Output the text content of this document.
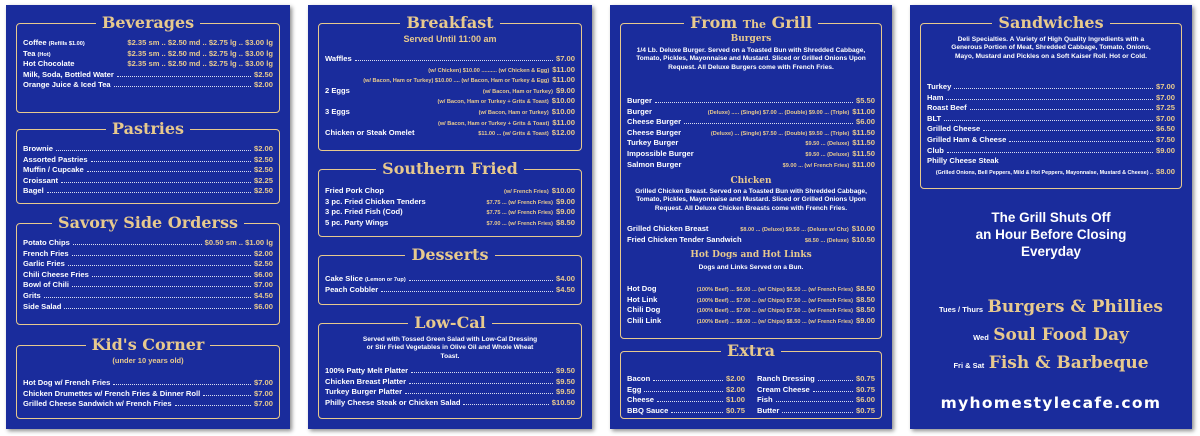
Beverages
Coffee (Refills $1.00)	$2.35 sm .. $2.50 md .. $2.75 lg .. $3.00 lg
Tea (Hot)	$2.35 sm .. $2.50 md .. $2.75 lg .. $3.00 lg
Hot Chocolate	$2.35 sm .. $2.50 md .. $2.75 lg .. $3.00 lg
Milk, Soda, Bottled Water	$2.50
Orange Juice & Iced Tea	$2.00
Pastries
Brownie	$2.00
Assorted Pastries	$2.50
Muffin / Cupcake	$2.50
Croissant	$2.25
Bagel	$2.50
Savory Side Orderss
Potato Chips	$0.50 sm .. $1.00 lg
French Fries	$2.00
Garlic Fries	$2.50
Chili Cheese Fries	$6.00
Bowl of Chili	$7.00
Grits	$4.50
Side Salad	$6.00
Kid's Corner
(under 10 years old)
Hot Dog w/ French Fries	$7.00
Chicken Drumettes w/ French Fries & Dinner Roll	$7.00
Grilled Cheese Sandwich w/ French Fries	$7.00
Breakfast
Served Until 11:00 am
Waffles	$7.00
(w/ Chicken) $10.00 .......... (w/ Chicken & Egg) $11.00
(w/ Bacon, Ham or Turkey) $10.00 .... (w/ Bacon, Ham or Turkey & Egg) $11.00
2 Eggs	(w/ Bacon, Ham or Turkey) $9.00
(w/ Bacon, Ham or Turkey + Grits & Toast) $10.00
3 Eggs	(w/ Bacon, Ham or Turkey) $10.00
(w/ Bacon, Ham or Turkey + Grits & Toast) $11.00
Chicken or Steak Omelet	$11.00 ... (w/ Grits & Toast) $12.00
Southern Fried
Fried Pork Chop	(w/ French Fries) $10.00
3 pc. Fried Chicken Tenders	$7.75 ... (w/ French Fries) $9.00
3 pc. Fried Fish (Cod)	$7.75 ... (w/ French Fries) $9.00
5 pc. Party Wings	$7.00 ... (w/ French Fries) $8.50
Desserts
Cake Slice (Lemon or 7up)	$4.00
Peach Cobbler	$4.50
Low-Cal
Served with Tossed Green Salad with Low-Cal Dressing or Stir Fried Vegetables in Olive Oil and Whole Wheat Toast.
100% Patty Melt Platter	$9.50
Chicken Breast Platter	$9.50
Turkey Burger Platter	$9.50
Philly Cheese Steak or Chicken Salad	$10.50
From The Grill
Burgers
1/4 Lb. Deluxe Burger. Served on a Toasted Bun with Shredded Cabbage, Tomato, Pickles, Mayonnaise and Mustard. Sliced or Grilled Onions Upon Request. All Deluxe Burgers come with French Fries.
Burger	$5.50
Burger	(Deluxe) ..... (Single) $7.00 ... (Double) $9.00 ... (Triple) $11.00
Cheese Burger	$6.00
Cheese Burger	(Deluxe) ... (Single) $7.50 ... (Double) $9.50 ... (Triple) $11.50
Turkey Burger	$9.50 ... (Deluxe) $11.50
Impossible Burger	$9.50 ... (Deluxe) $11.50
Salmon Burger	$9.00 ... (w/ French Fries) $11.00
Chicken
Grilled Chicken Breast. Served on a Toasted Bun with Shredded Cabbage, Tomato, Pickles, Mayonnaise and Mustard. Sliced or Grilled Onions Upon Request. All Deluxe Chicken Breasts come with French Fries.
Grilled Chicken Breast	$8.00 ... (Deluxe) $9.50 ... (Deluxe w/ Chz) $10.00
Fried Chicken Tender Sandwich	$8.50 ... (Deluxe) $10.50
Hot Dogs and Hot Links
Dogs and Links Served on a Bun.
Hot Dog	(100% Beef) ... $6.00 ... (w/ Chips) $6.50 ... (w/ French Fries) $8.50
Hot Link	(100% Beef) ... $7.00 ... (w/ Chips) $7.50 ... (w/ French Fries) $8.50
Chili Dog	(100% Beef) ... $7.00 ... (w/ Chips) $7.50 ... (w/ French Fries) $8.50
Chili Link	(100% Beef) ... $8.00 ... (w/ Chips) $8.50 ... (w/ French Fries) $9.00
Extra
Bacon	$2.00
Egg	$2.00
Cheese	$1.00
BBQ Sauce	$0.75
Ranch Dressing	$0.75
Cream Cheese	$0.75
Fish	$6.00
Butter	$0.75
Sandwiches
Deli Specialties. A Variety of High Quality Ingredients with a Generous Portion of Meat, Shredded Cabbage, Tomato, Onions, Mayo, Mustard and Pickles on a Soft Kaiser Roll. Hot or Cold.
Turkey	$7.00
Ham	$7.00
Roast Beef	$7.25
BLT	$7.00
Grilled Cheese	$6.50
Grilled Ham & Cheese	$7.50
Club	$9.00
Philly Cheese Steak
(Grilled Onions, Bell Peppers, Mild & Hot Peppers, Mayonnaise, Mustard & Cheese) .. $8.00
The Grill Shuts Off
an Hour Before Closing
Everyday
Tues / Thurs Burgers & Phillies
Wed Soul Food Day
Fri & Sat Fish & Barbeque
myhomestylecafe.com
